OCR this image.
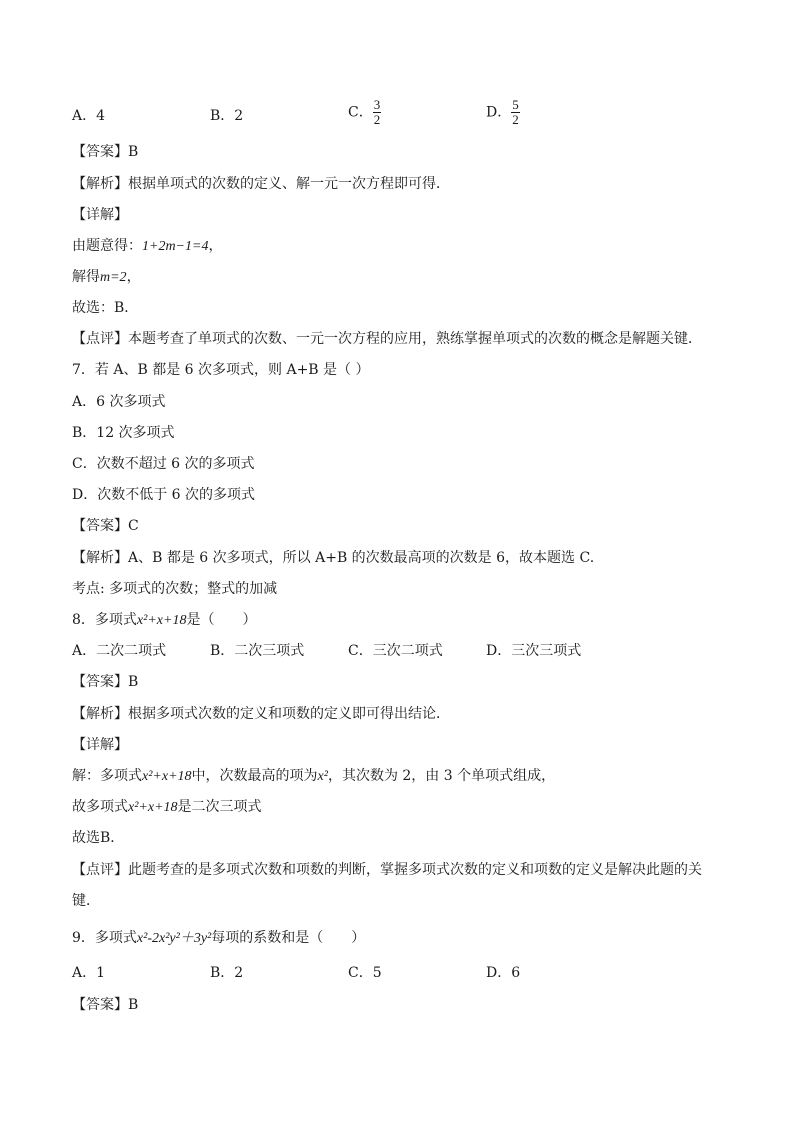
A．4	B．2	C． $\frac{3}{2}$	D． $\frac{5}{2}$
【答案】B
【解析】根据单项式的次数的定义、解一元一次方程即可得．
【详解】
由题意得：1+2m−1=4，
解得m=2，
故选：B．
【点评】本题考查了单项式的次数、一元一次方程的应用，熟练掌握单项式的次数的概念是解题关键．
7．若 A、B 都是 6 次多项式，则 A+B 是（ ）
A．6 次多项式
B．12 次多项式
C．次数不超过 6 次的多项式
D．次数不低于 6 次的多项式
【答案】C
【解析】A、B 都是 6 次多项式，所以 A+B 的次数最高项的次数是 6，故本题选 C.
考点: 多项式的次数；整式的加减
8．多项式x²+x+18是（　　）
A．二次二项式	B．二次三项式	C．三次二项式	D．三次三项式
【答案】B
【解析】根据多项式次数的定义和项数的定义即可得出结论．
【详解】
解：多项式x²+x+18中，次数最高的项为x²，其次数为 2，由 3 个单项式组成，
故多项式x²+x+18是二次三项式
故选B．
【点评】此题考查的是多项式次数和项数的判断，掌握多项式次数的定义和项数的定义是解决此题的关
键．
9．多项式x²-2x²y²＋3y²每项的系数和是（　　）
A．1	B．2	C．5	D．6
【答案】B
